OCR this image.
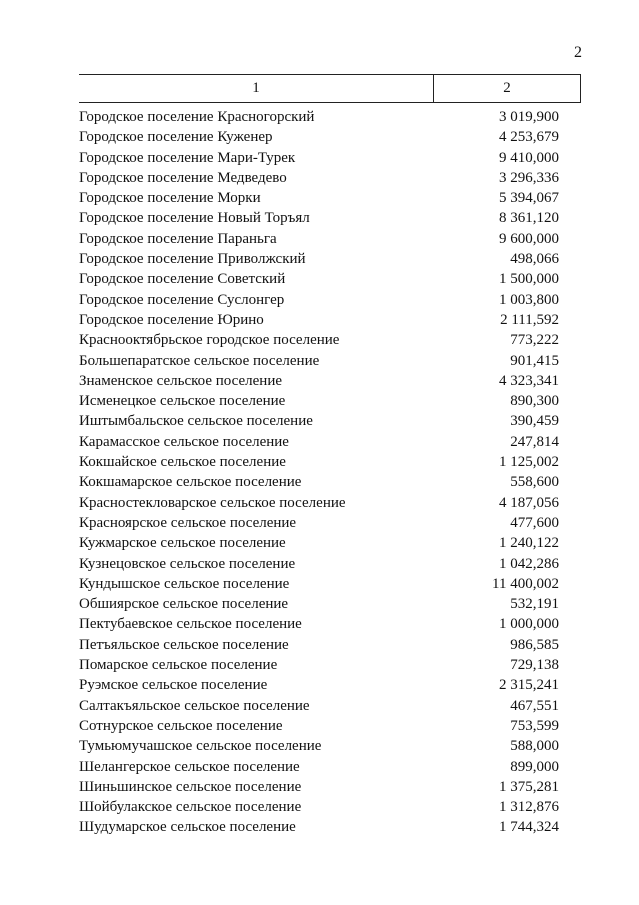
2
1	2
Городское поселение Красногорский	3 019,900
Городское поселение Куженер	4 253,679
Городское поселение Мари-Турек	9 410,000
Городское поселение Медведево	3 296,336
Городское поселение Морки	5 394,067
Городское поселение Новый Торъял	8 361,120
Городское поселение Параньга	9 600,000
Городское поселение Приволжский	498,066
Городское поселение Советский	1 500,000
Городское поселение Суслонгер	1 003,800
Городское поселение Юрино	2 111,592
Краснооктябрьское городское поселение	773,222
Большепаратское сельское поселение	901,415
Знаменское сельское поселение	4 323,341
Исменецкое сельское поселение	890,300
Иштымбальское сельское поселение	390,459
Карамасское сельское поселение	247,814
Кокшайское сельское поселение	1 125,002
Кокшамарское сельское поселение	558,600
Красностекловарское сельское поселение	4 187,056
Красноярское сельское поселение	477,600
Кужмарское сельское поселение	1 240,122
Кузнецовское сельское поселение	1 042,286
Кундышское сельское поселение	11 400,002
Обшиярское сельское поселение	532,191
Пектубаевское сельское поселение	1 000,000
Петъяльское сельское поселение	986,585
Помарское сельское поселение	729,138
Руэмское сельское поселение	2 315,241
Салтакъяльское сельское поселение	467,551
Сотнурское сельское поселение	753,599
Тумьюмучашское сельское поселение	588,000
Шелангерское сельское поселение	899,000
Шиньшинское сельское поселение	1 375,281
Шойбулакское сельское поселение	1 312,876
Шудумарское сельское поселение	1 744,324
